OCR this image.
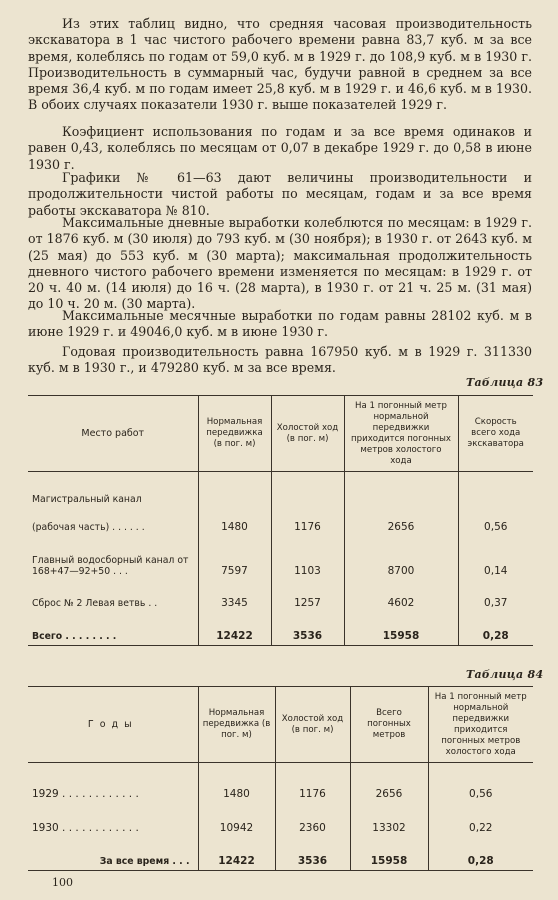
Из этих таблиц видно, что средняя часовая производительность экскаватора в 1 час чистого рабочего времени равна 83,7 куб. м за все время, колеблясь по годам от 59,0 куб. м в 1929 г. до 108,9 куб. м в 1930 г. Производительность в суммарный час, будучи равной в среднем за все время 36,4 куб. м по годам имеет 25,8 куб. м в 1929 г. и 46,6 куб. м в 1930. В обоих случаях показатели 1930 г. выше показателей 1929 г.

Коэфициент использования по годам и за все время одинаков и равен 0,43, колеблясь по месяцам от 0,07 в декабре 1929 г. до 0,58 в июне 1930 г.

Графики № 61—63 дают величины производительности и продолжительности чистой работы по месяцам, годам и за все время работы экскаватора № 810.

Максимальные дневные выработки колеблются по месяцам: в 1929 г. от 1876 куб. м (30 июля) до 793 куб. м (30 ноября); в 1930 г. от 2643 куб. м (25 мая) до 553 куб. м (30 марта); максимальная продолжительность дневного чистого рабочего времени изменяется по месяцам: в 1929 г. от 20 ч. 40 м. (14 июля) до 16 ч. (28 марта), в 1930 г. от 21 ч. 25 м. (31 мая) до 10 ч. 20 м. (30 марта).

Максимальные месячные выработки по годам равны 28102 куб. м в июне 1929 г. и 49046,0 куб. м в июне 1930 г.

Годовая производительность равна 167950 куб. м в 1929 г. 311330 куб. м в 1930 г., и 479280 куб. м за все время.

Таблица 83
Место работ	Нормальная передвижка (в пог. м)	Холостой ход (в пог. м)	На 1 погонный метр нормальной передвижки приходится погонных метров холостого хода	Скорость всего хода экскаватора
Магистральный канал				
(рабочая часть) . . . . . .	1480	1176	2656	0,56
Главный водосборный канал от 168+47—92+50 . . .	7597	1103	8700	0,14
Сброс № 2 Левая ветвь . .	3345	1257	4602	0,37
Всего . . . . . . . .	12422	3536	15958	0,28
Таблица 84
Годы	Нормальная передвижка (в пог. м)	Холостой ход (в пог. м)	Всего погонных метров	На 1 погонный метр нормальной передвижки приходится погонных метров холостого хода
1929 . . . . . . . . . . . .	1480	1176	2656	0,56
1930 . . . . . . . . . . . .	10942	2360	13302	0,22
За все время . . .	12422	3536	15958	0,28
100
